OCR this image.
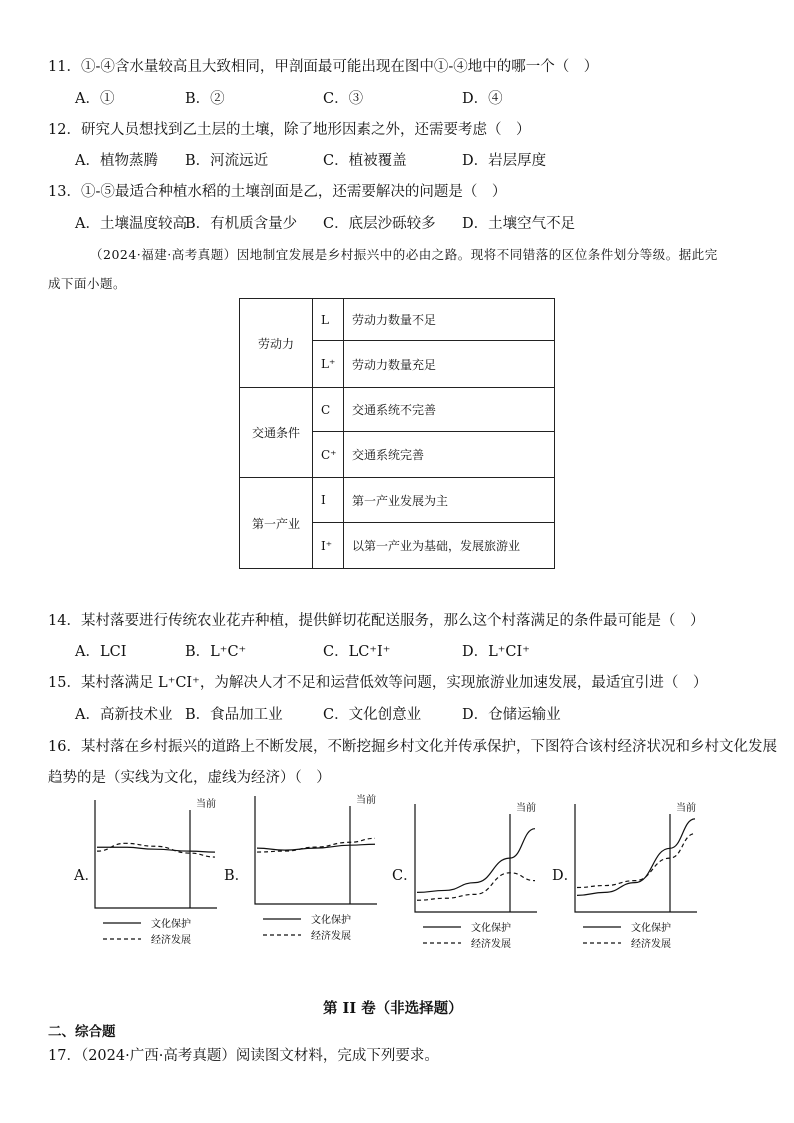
11．①-④含水量较高且大致相同，甲剖面最可能出现在图中①-④地中的哪一个（　）
A．①	B．②	C．③	D．④
12．研究人员想找到乙土层的土壤，除了地形因素之外，还需要考虑（　）
A．植物蒸腾 B．河流远近	C．植被覆盖	D．岩层厚度
13．①-⑤最适合种植水稻的土壤剖面是乙，还需要解决的问题是（　）
A．土壤温度较高
B．有机质含量少 C．底层沙砾较多 D．土壤空气不足
（2024·福建·高考真题）因地制宜发展是乡村振兴中的必由之路。现将不同错落的区位条件划分等级。据此完
成下面小题。
劳动力	L	劳动力数量不足
	L⁺	劳动力数量充足
交通条件	C	交通系统不完善
	C⁺	交通系统完善
第一产业	I	第一产业发展为主
	I⁺	以第一产业为基础，发展旅游业
14．某村落要进行传统农业花卉种植，提供鲜切花配送服务，那么这个村落满足的条件最可能是（　）
A．LCI	B．L⁺C⁺	C．LC⁺I⁺	D．L⁺CI⁺
15．某村落满足 L⁺CI⁺，为解决人才不足和运营低效等问题，实现旅游业加速发展，最适宜引进（　）
A．高新技术业 B．食品加工业	C．文化创意业	D．仓储运输业
16．某村落在乡村振兴的道路上不断发展，不断挖掘乡村文化并传承保护，下图符合该村经济状况和乡村文化发展
趋势的是（实线为文化，虚线为经济）（　）
A．	B．	C．	D．
当前
文化保护
经济发展
当前
文化保护
经济发展
当前
文化保护
经济发展
当前
文化保护
经济发展
第 II 卷（非选择题）
二、综合题
17．（2024·广西·高考真题）阅读图文材料，完成下列要求。
